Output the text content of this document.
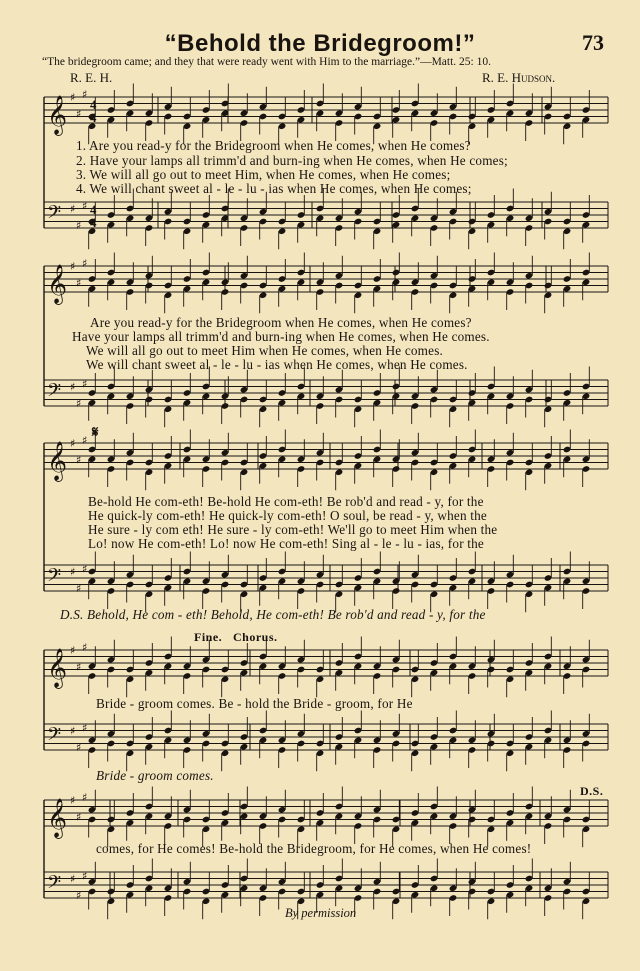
“Behold the Bridegroom!”	73
“The bridegroom came; and they that were ready went with Him to the marriage.”—Matt. 25: 10.
R. E. H.	R. E. Hudson.
𝄞 ♯
♯
♯
𝄢 ♯
♯
♯
4
4
4
4
𝄞 ♯
♯
♯
𝄢 ♯
♯
♯
𝄞 ♯
♯
♯
𝄢 ♯
♯
♯
𝄞 ♯
♯
♯
𝄢 ♯
♯
♯
𝄞 ♯
♯
♯
𝄢 ♯
♯
♯
1. Are you read-y for the Bridegroom when He comes, when He comes?
2. Have your lamps all trimm'd and burn-ing when He comes, when He comes;
3. We will all go out to meet Him, when He comes, when He comes;
4. We will chant sweet al - le - lu - ias when He comes, when He comes;
Are you read-y for the Bridegroom when He comes, when He comes?
Have your lamps all trimm'd and burn-ing when He comes, when He comes.
We will all go out to meet Him when He comes, when He comes.
We will chant sweet al - le - lu - ias when He comes, when He comes.
𝄋
Be-hold He com-eth! Be-hold He com-eth! Be rob'd and read - y, for the
He quick-ly com-eth! He quick-ly com-eth! O soul, be read - y, when the
He sure - ly com eth! He sure - ly com-eth! We'll go to meet Him when the
Lo! now He com-eth! Lo! now He com-eth! Sing al - le - lu - ias, for the
D.S. Behold, He com - eth! Behold, He com-eth! Be rob'd and read - y, for the
Fine. Chorus.
Bride - groom comes. Be - hold the Bride - groom, for He
Bride - groom comes.
D.S.
comes, for He comes! Be-hold the Bridegroom, for He comes, when He comes!
By permission
